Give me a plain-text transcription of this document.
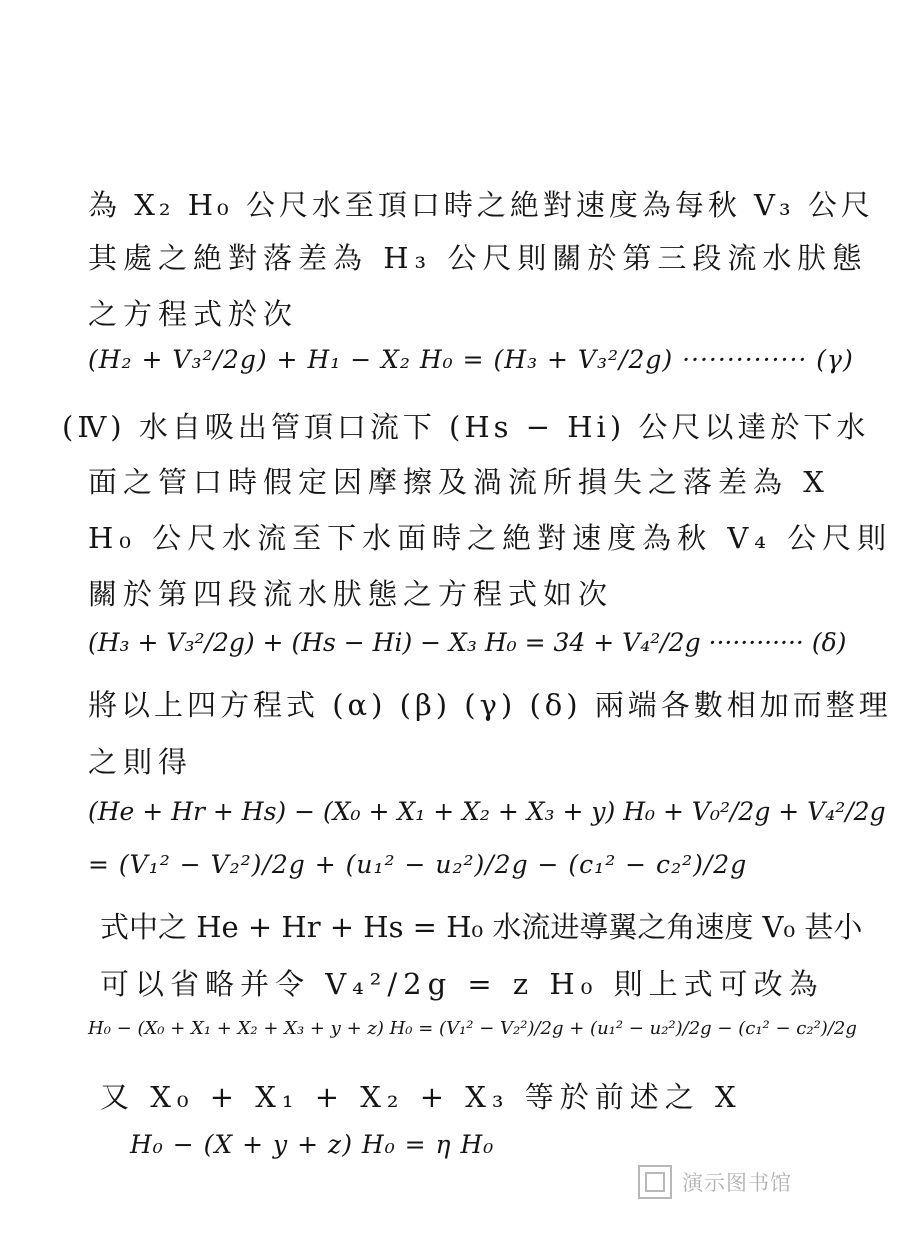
為 X₂ H₀ 公尺水至頂口時之絶對速度為每秋 V₃ 公尺
其處之絶對落差為 H₃ 公尺則關於第三段流水肰態
之方程式於次
(H₂ + V₃²/2g) + H₁ − X₂ H₀ = (H₃ + V₃²/2g) ·············· (γ)
(Ⅳ) 水自吸出管頂口流下 (Hs − Hi) 公尺以達於下水
面之管口時假定因摩擦及渦流所損失之落差為 X
H₀ 公尺水流至下水面時之絶對速度為秋 V₄ 公尺則
關於第四段流水肰態之方程式如次
(H₃ + V₃²/2g) + (Hs − Hi) − X₃ H₀ = 34 + V₄²/2g ············ (δ)
將以上四方程式 (α) (β) (γ) (δ) 兩端各數相加而整理
之則得
(He + Hr + Hs) − (X₀ + X₁ + X₂ + X₃ + y) H₀ + V₀²/2g + V₄²/2g
= (V₁² − V₂²)/2g + (u₁² − u₂²)/2g − (c₁² − c₂²)/2g
式中之 He + Hr + Hs = H₀ 水流进導翼之角速度 V₀ 甚小
可以省略并令 V₄²/2g = z H₀ 則上式可改為
H₀ − (X₀ + X₁ + X₂ + X₃ + y + z) H₀ = (V₁² − V₂²)/2g + (u₁² − u₂²)/2g − (c₁² − c₂²)/2g
又 X₀ + X₁ + X₂ + X₃ 等於前述之 X
H₀ − (X + y + z) H₀ = η H₀
演示图书馆
